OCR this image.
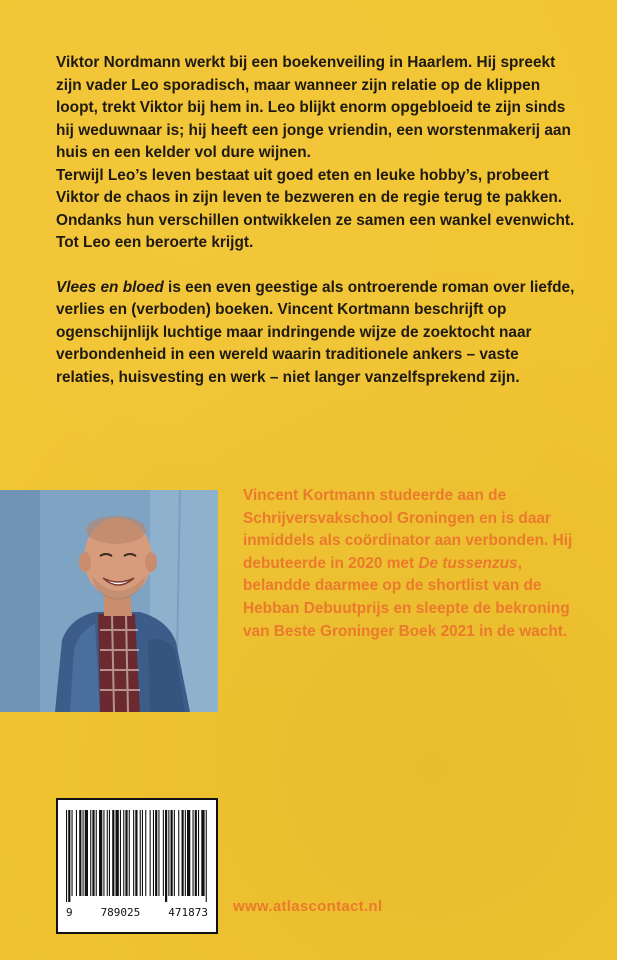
Viktor Nordmann werkt bij een boekenveiling in Haarlem. Hij spreekt zijn vader Leo sporadisch, maar wanneer zijn relatie op de klippen loopt, trekt Viktor bij hem in. Leo blijkt enorm opgebloeid te zijn sinds hij weduwnaar is; hij heeft een jonge vriendin, een worstenmakerij aan huis en een kelder vol dure wijnen.

Terwijl Leo’s leven bestaat uit goed eten en leuke hobby’s, probeert Viktor de chaos in zijn leven te bezweren en de regie terug te pakken. Ondanks hun verschillen ontwikkelen ze samen een wankel evenwicht. Tot Leo een beroerte krijgt.

Vlees en bloed is een even geestige als ontroerende roman over liefde, verlies en (verboden) boeken. Vincent Kortmann beschrijft op ogenschijnlijk luchtige maar indringende wijze de zoektocht naar verbondenheid in een wereld waarin traditionele ankers – vaste relaties, huisvesting en werk – niet langer vanzelfsprekend zijn.

Vincent Kortmann studeerde aan de Schrijversvakschool Groningen en is daar inmiddels als coördinator aan verbonden. Hij debuteerde in 2020 met De tussenzus, belandde daarmee op de shortlist van de Hebban Debuutprijs en sleepte de bekroning van Beste Groninger Boek 2021 in de wacht.
9	789025	471873 www.atlascontact.nl
